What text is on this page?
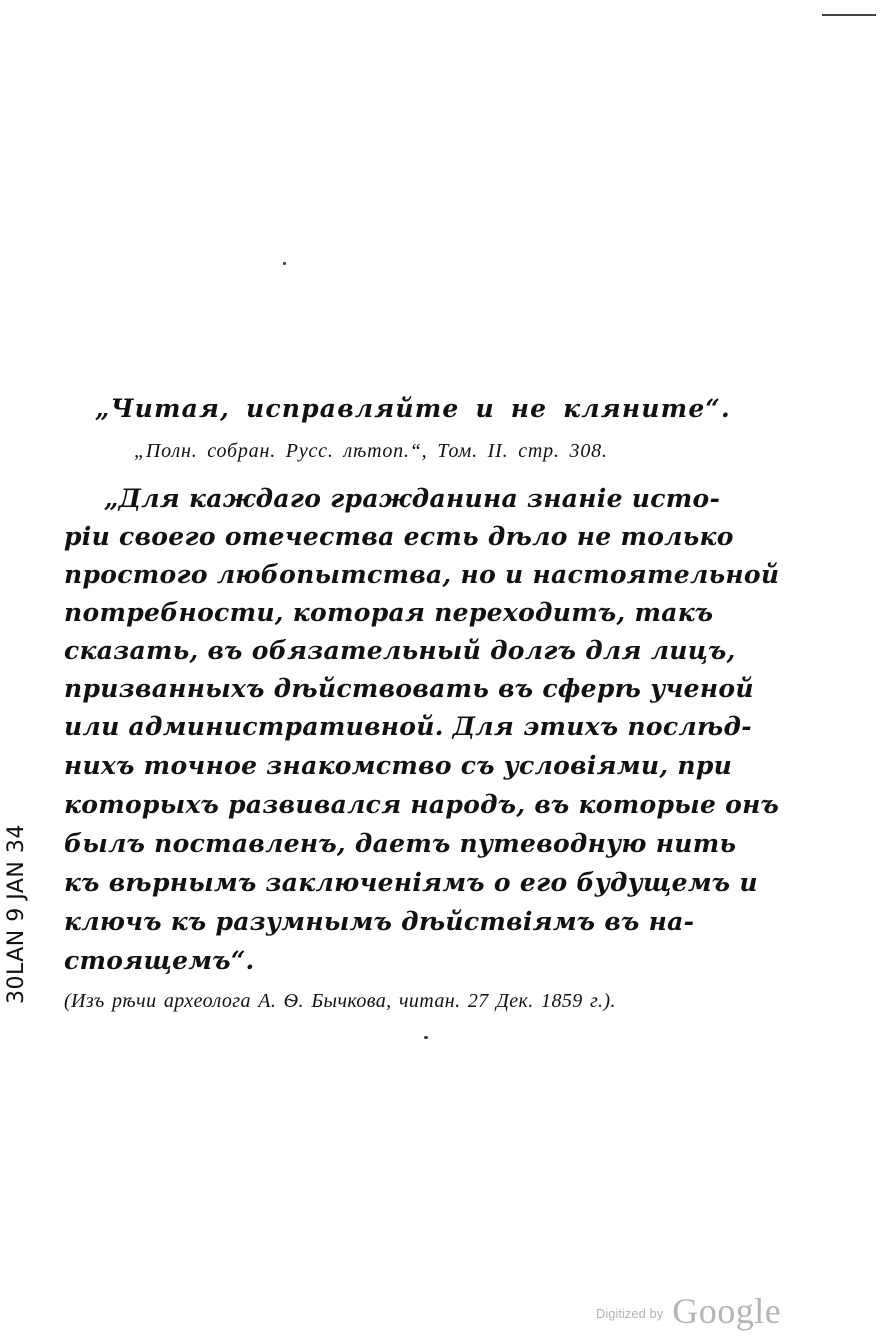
„Читая, исправляйте и не кляните“.
„Полн. собран. Русс. лѣтоп.“, Том. II. стр. 308.
„Для каждаго гражданина знаніе исто-
ріи своего отечества есть дѣло не только
простого любопытства, но и настоятельной
потребности, которая переходитъ, такъ
сказать, въ обязательный долгъ для лицъ,
призванныхъ дѣйствовать въ сферѣ ученой
или административной. Для этихъ послѣд-
нихъ точное знакомство съ условіями, при
которыхъ развивался народъ, въ которые онъ
былъ поставленъ, даетъ путеводную нить
къ вѣрнымъ заключеніямъ о его будущемъ и
ключъ къ разумнымъ дѣйствіямъ въ на-
стоящемъ“.
(Изъ рѣчи археолога А. Ѳ. Бычкова, читан. 27 Дек. 1859 г.).
30LAN 9 JAN 34
$^{Digitized by}$ Google
